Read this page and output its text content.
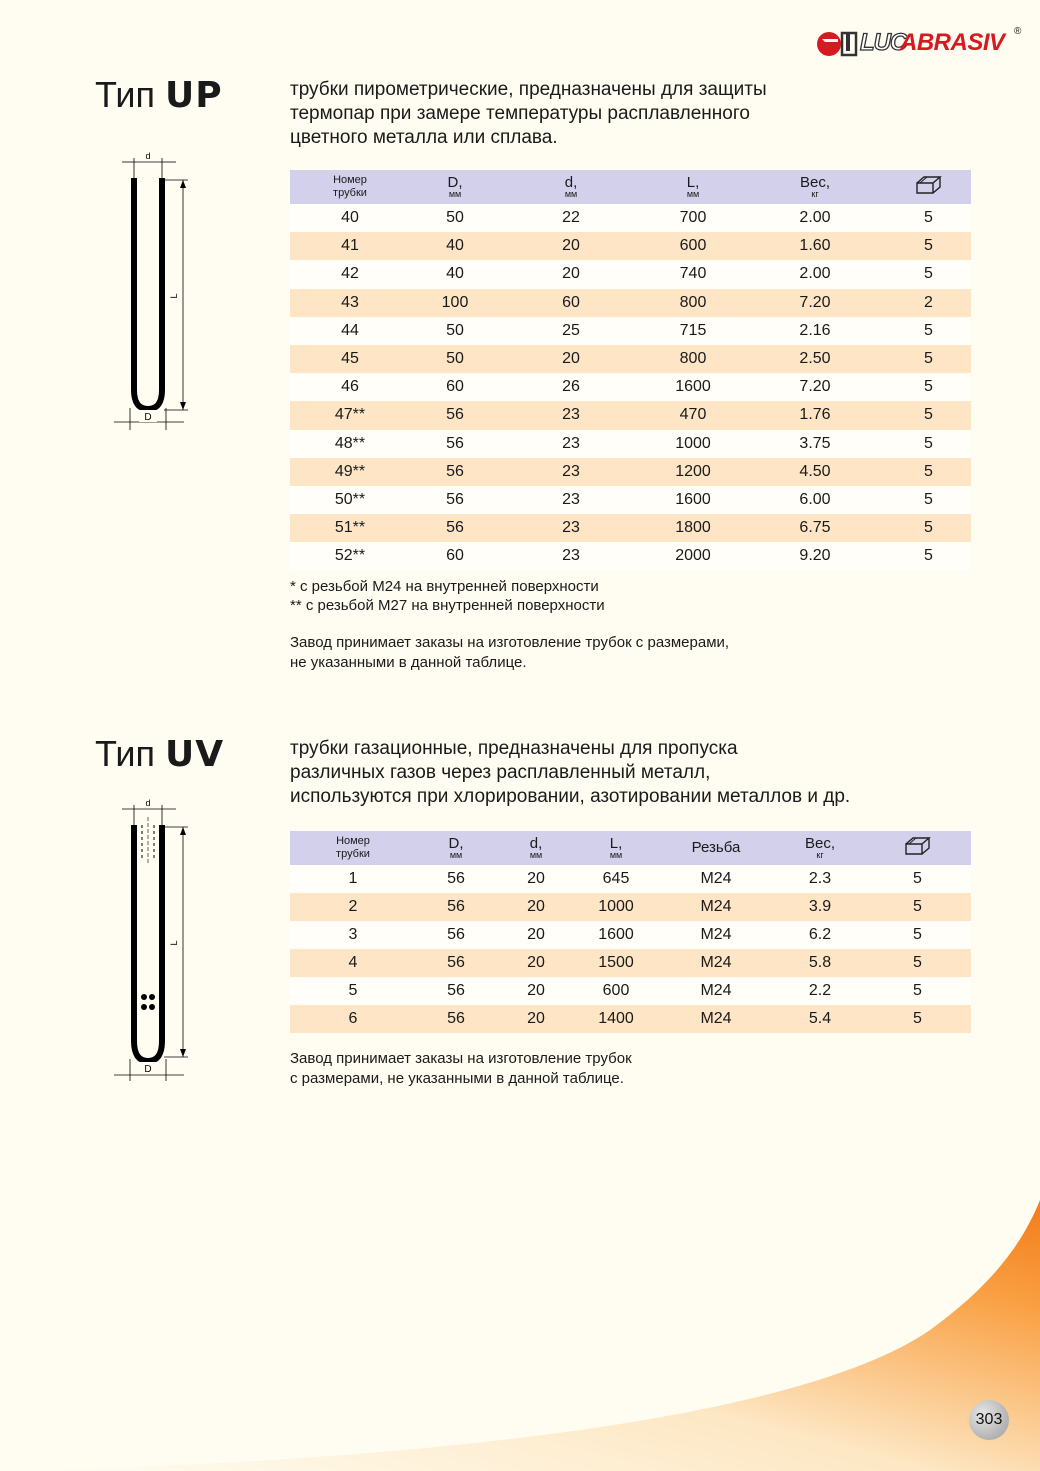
LUC
ABRASIV ®
Тип UP	трубки пирометрические, предназначены для защиты
термопар при замере температуры расплавленного
цветного металла или сплава.
d
L
D
Номер
трубки	D,
мм	d,
мм	L,
мм	Вес,
кг

40	50	22	700	2.00	5
41	40	20	600	1.60	5
42	40	20	740	2.00	5
43	100	60	800	7.20	2
44	50	25	715	2.16	5
45	50	20	800	2.50	5
46	60	26	1600	7.20	5
47**	56	23	470	1.76	5
48**	56	23	1000	3.75	5
49**	56	23	1200	4.50	5
50**	56	23	1600	6.00	5
51**	56	23	1800	6.75	5
52**	60	23	2000	9.20	5
* с резьбой М24 на внутренней поверхности
** с резьбой М27 на внутренней поверхности
Завод принимает заказы на изготовление трубок с размерами,
не указанными в данной таблице.
Тип UV	трубки газационные, предназначены для пропуска
различных газов через расплавленный металл,
используются при хлорировании, азотировании металлов и др.
d
L
D
Номер
трубки	D,
мм	d,
мм	L,
мм	Резьба	Вес,
кг

1	56	20	645	М24	2.3	5
2	56	20	1000	М24	3.9	5
3	56	20	1600	М24	6.2	5
4	56	20	1500	М24	5.8	5
5	56	20	600	М24	2.2	5
6	56	20	1400	М24	5.4	5
Завод принимает заказы на изготовление трубок
с размерами, не указанными в данной таблице.
303
